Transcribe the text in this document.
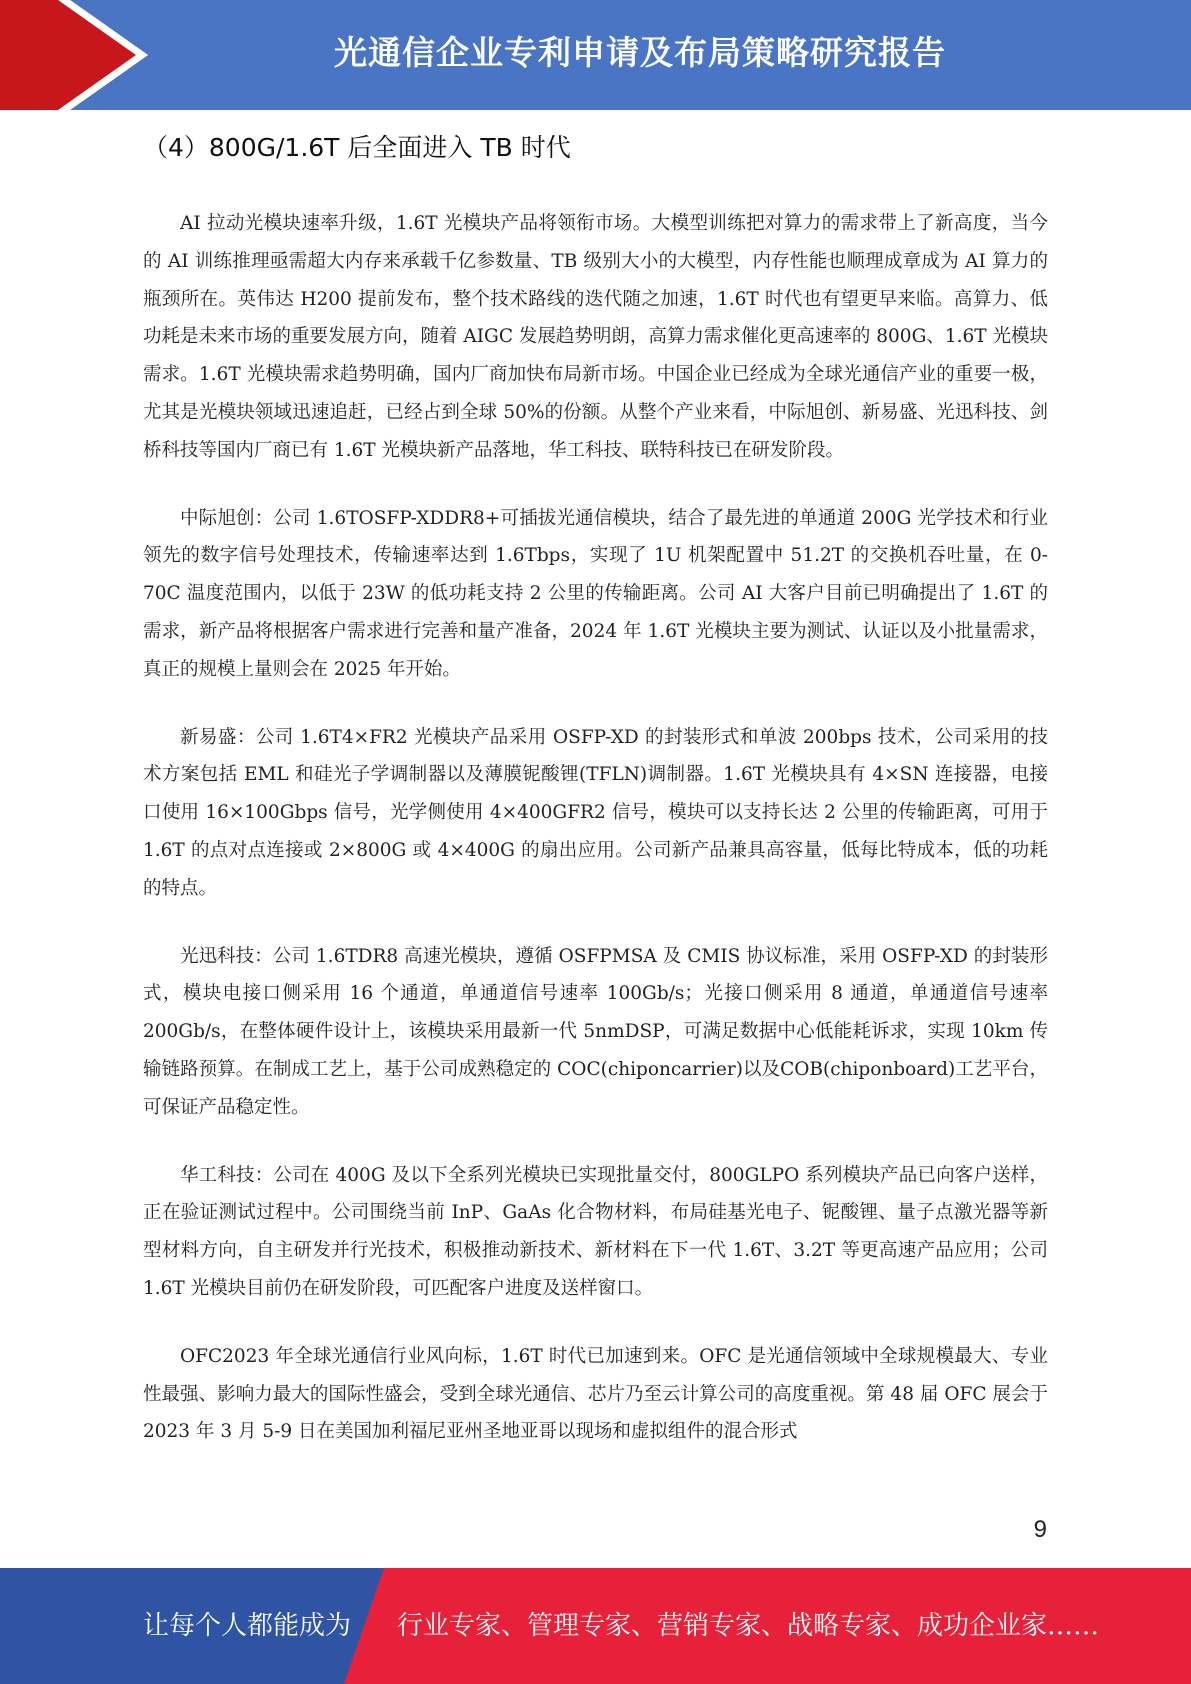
光通信企业专利申请及布局策略研究报告
（4）800G/1.6T 后全面进入 TB 时代

AI 拉动光模块速率升级，1.6T 光模块产品将领衔市场。大模型训练把对算力的需求带上了新高度，当今的 AI 训练推理亟需超大内存来承载千亿参数量、TB 级别大小的大模型，内存性能也顺理成章成为 AI 算力的瓶颈所在。英伟达 H200 提前发布，整个技术路线的迭代随之加速，1.6T 时代也有望更早来临。高算力、低功耗是未来市场的重要发展方向，随着 AIGC 发展趋势明朗，高算力需求催化更高速率的 800G、1.6T 光模块需求。1.6T 光模块需求趋势明确，国内厂商加快布局新市场。中国企业已经成为全球光通信产业的重要一极，尤其是光模块领域迅速追赶，已经占到全球 50%的份额。从整个产业来看，中际旭创、新易盛、光迅科技、剑桥科技等国内厂商已有 1.6T 光模块新产品落地，华工科技、联特科技已在研发阶段。

中际旭创：公司 1.6TOSFP-XDDR8+可插拔光通信模块，结合了最先进的单通道 200G 光学技术和行业领先的数字信号处理技术，传输速率达到 1.6Tbps，实现了 1U 机架配置中 51.2T 的交换机吞吐量，在 0-70C 温度范围内，以低于 23W 的低功耗支持 2 公里的传输距离。公司 AI 大客户目前已明确提出了 1.6T 的需求，新产品将根据客户需求进行完善和量产准备，2024 年 1.6T 光模块主要为测试、认证以及小批量需求，真正的规模上量则会在 2025 年开始。

新易盛：公司 1.6T4×FR2 光模块产品采用 OSFP-XD 的封装形式和单波 200bps 技术，公司采用的技术方案包括 EML 和硅光子学调制器以及薄膜铌酸锂(TFLN)调制器。1.6T 光模块具有 4×SN 连接器，电接口使用 16×100Gbps 信号，光学侧使用 4×400GFR2 信号，模块可以支持长达 2 公里的传输距离，可用于 1.6T 的点对点连接或 2×800G 或 4×400G 的扇出应用。公司新产品兼具高容量，低每比特成本，低的功耗的特点。

光迅科技：公司 1.6TDR8 高速光模块，遵循 OSFPMSA 及 CMIS 协议标准，采用 OSFP-XD 的封装形式，模块电接口侧采用 16 个通道，单通道信号速率 100Gb/s；光接口侧采用 8 通道，单通道信号速率 200Gb/s，在整体硬件设计上，该模块采用最新一代 5nmDSP，可满足数据中心低能耗诉求，实现 10km 传输链路预算。在制成工艺上，基于公司成熟稳定的 COC(chiponcarrier)以及COB(chiponboard)工艺平台，可保证产品稳定性。

华工科技：公司在 400G 及以下全系列光模块已实现批量交付，800GLPO 系列模块产品已向客户送样，正在验证测试过程中。公司围绕当前 InP、GaAs 化合物材料，布局硅基光电子、铌酸锂、量子点激光器等新型材料方向，自主研发并行光技术，积极推动新技术、新材料在下一代 1.6T、3.2T 等更高速产品应用；公司 1.6T 光模块目前仍在研发阶段，可匹配客户进度及送样窗口。

OFC2023 年全球光通信行业风向标，1.6T 时代已加速到来。OFC 是光通信领域中全球规模最大、专业性最强、影响力最大的国际性盛会，受到全球光通信、芯片乃至云计算公司的高度重视。第 48 届 OFC 展会于 2023 年 3 月 5-9 日在美国加利福尼亚州圣地亚哥以现场和虚拟组件的混合形式

9
让每个人都能成为 行业专家、管理专家、营销专家、战略专家、成功企业家……
